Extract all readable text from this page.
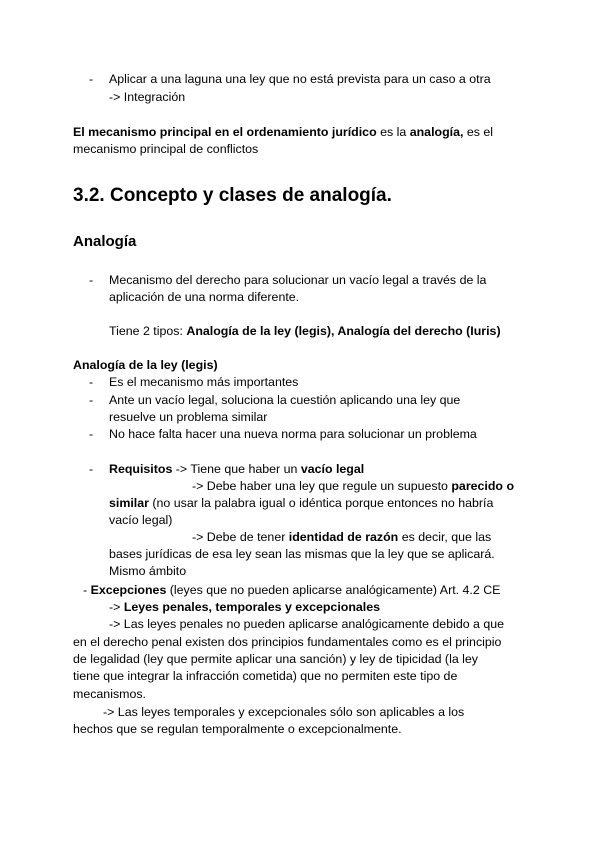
- Aplicar a una laguna una ley que no está prevista para un caso a otra
-> Integración
El mecanismo principal en el ordenamiento jurídico es la analogía, es el
mecanismo principal de conflictos
3.2. Concepto y clases de analogía.
Analogía
- Mecanismo del derecho para solucionar un vacío legal a través de la
aplicación de una norma diferente.
Tiene 2 tipos: Analogía de la ley (legis), Analogía del derecho (Iuris)
Analogía de la ley (legis)
- Es el mecanismo más importantes
- Ante un vacío legal, soluciona la cuestión aplicando una ley que
resuelve un problema similar
- No hace falta hacer una nueva norma para solucionar un problema
- Requisitos -> Tiene que haber un vacío legal
-> Debe haber una ley que regule un supuesto parecido o
similar (no usar la palabra igual o idéntica porque entonces no habría
vacío legal)
-> Debe de tener identidad de razón es decir, que las
bases jurídicas de esa ley sean las mismas que la ley que se aplicará.
Mismo ámbito
- Excepciones (leyes que no pueden aplicarse analógicamente) Art. 4.2 CE
-> Leyes penales, temporales y excepcionales
-> Las leyes penales no pueden aplicarse analógicamente debido a que
en el derecho penal existen dos principios fundamentales como es el principio
de legalidad (ley que permite aplicar una sanción) y ley de tipicidad (la ley
tiene que integrar la infracción cometida) que no permiten este tipo de
mecanismos.
-> Las leyes temporales y excepcionales sólo son aplicables a los
hechos que se regulan temporalmente o excepcionalmente.
